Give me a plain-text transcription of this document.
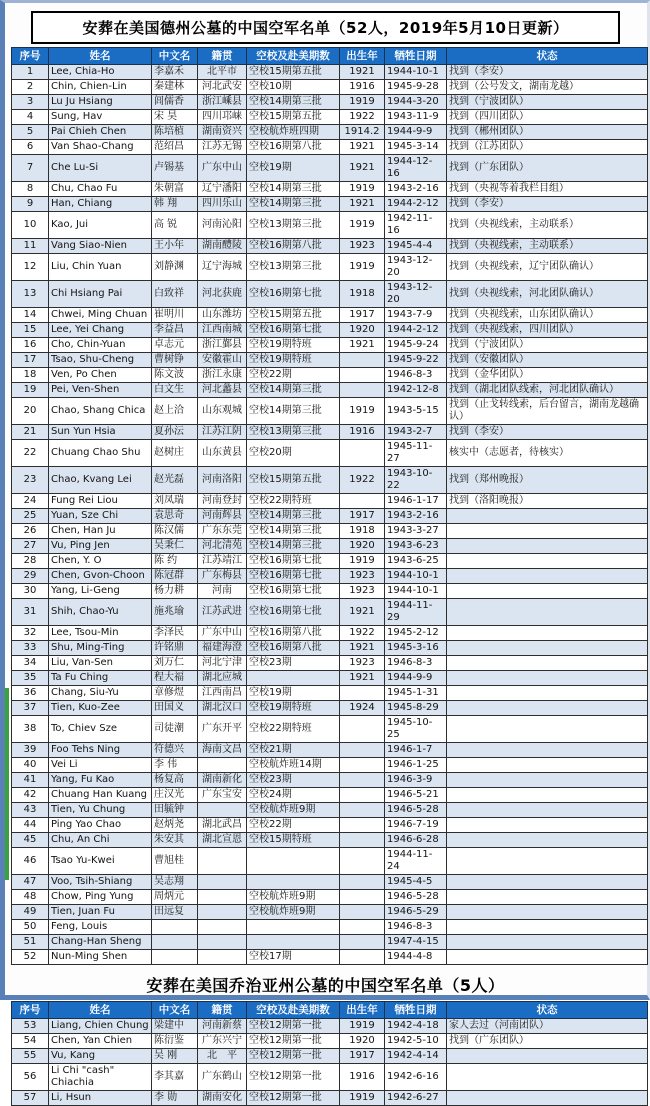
安葬在美国德州公墓的中国空军名单（52人，2019年5月10日更新）
序号	姓名	中文名	籍贯	空校及赴美期数	出生年	牺牲日期	状态
1	Lee, Chia-Ho	李嘉禾	北平市	空校15期第五批	1921	1944-10-1	找到（李安）
2	Chin, Chien-Lin	秦建林	河北武安	空校10期	1916	1945-9-28	找到（公号发文，湖南龙越）
3	Lu Ju Hsiang	闾儒香	浙江嵊县	空校14期第三批	1919	1944-3-20	找到（宁波团队）
4	Sung, Hav	宋 昊	四川邛崃	空校15期第五批	1922	1943-11-9	找到（四川团队）
5	Pai Chieh Chen	陈培植	湖南资兴	空校航炸班四期	1914.2	1944-9-9	找到（郴州团队）
6	Van Shao-Chang	范绍昌	江苏无锡	空校16期第八批	1921	1945-3-14	找到（江苏团队）
7	Che Lu-Si	卢锡基	广东中山	空校19期	1921	1944-12-16	找到（广东团队）
8	Chu, Chao Fu	朱朝富	辽宁潘阳	空校14期第三批	1919	1943-2-16	找到（央视等着我栏目组）
9	Han, Chiang	韩 翔	四川乐山	空校14期第三批	1921	1944-2-12	找到（李安）
10	Kao, Jui	高 锐	河南沁阳	空校13期第三批	1919	1942-11-16	找到（央视线索，主动联系）
11	Vang Siao-Nien	王小年	湖南醴陵	空校16期第八批	1923	1945-4-4	找到（央视线索，主动联系）
12	Liu, Chin Yuan	刘静渊	辽宁海城	空校13期第三批	1919	1943-12-20	找到（央视线索，辽宁团队确认）
13	Chi Hsiang Pai	白致祥	河北获鹿	空校16期第七批	1918	1943-12-20	找到（央视线索，河北团队确认）
14	Chwei, Ming Chuan	崔明川	山东潍坊	空校15期第五批	1917	1943-7-9	找到（央视线索，山东团队确认）
15	Lee, Yei Chang	李益昌	江西南城	空校16期第七批	1920	1944-2-12	找到（央视线索，四川团队）
16	Cho, Chin-Yuan	卓志元	浙江鄞县	空校19期特班	1921	1945-9-24	找到（宁波团队）
17	Tsao, Shu-Cheng	曹树铮	安徽霍山	空校19期特班		1945-9-22	找到（安徽团队）
18	Ven, Po Chen	陈文波	浙江永康	空校22期		1946-8-3	找到（金华团队）
19	Pei, Ven-Shen	白文生	河北蠡县	空校14期第三批		1942-12-8	找到（湖北团队线索，河北团队确认）
20	Chao, Shang Chica	赵上洽	山东观城	空校14期第三批	1919	1943-5-15	找到（止戈转线索，后台留言，湖南龙越确认）
21	Sun Yun Hsia	夏孙沄	江苏江阴	空校13期第三批	1916	1943-2-7	找到（李安）
22	Chuang Chao Shu	赵树庄	山东黄县	空校20期		1945-11-27	核实中（志愿者，待核实）
23	Chao, Kvang Lei	赵光磊	河南洛阳	空校15期第五批	1922	1943-10-22	找到（郑州晚报）
24	Fung Rei Liou	刘凤瑞	河南登封	空校22期特班		1946-1-17	找到（洛阳晚报）
25	Yuan, Sze Chi	袁思奇	河南辉县	空校14期第三批	1917	1943-2-16	
26	Chen, Han Ju	陈汉儒	广东东莞	空校14期第三批	1918	1943-3-27	
27	Vu, Ping Jen	吴秉仁	河北清苑	空校14期第三批	1920	1943-6-23	
28	Chen, Y. O	陈 约	江苏靖江	空校16期第七批	1919	1943-6-25	
29	Chen, Gvon-Choon	陈冠群	广东梅县	空校16期第七批	1923	1944-10-1	
30	Yang, Li-Geng	杨力耕	河南	空校16期第七批	1923	1944-10-1	
31	Shih, Chao-Yu	施兆瑜	江苏武进	空校16期第七批	1921	1944-11-29	
32	Lee, Tsou-Min	李泽民	广东中山	空校16期第八批	1922	1945-2-12	
33	Shu, Ming-Ting	许铭鼎	福建海澄	空校16期第八批	1921	1945-3-16	
34	Liu, Van-Sen	刘万仁	河北宁津	空校23期	1923	1946-8-3	
35	Ta Fu Ching	程大福	湖北应城		1921	1944-9-9	
36	Chang, Siu-Yu	章修煜	江西南昌	空校19期		1945-1-31	
37	Tien, Kuo-Zee	田国义	湖北汉口	空校19期特班	1924	1945-8-29	
38	To, Chiev Sze	司徒潮	广东开平	空校22期特班		1945-10-25	
39	Foo Tehs Ning	符德兴	海南文昌	空校21期		1946-1-7	
40	Vei Li	李 伟		空校航炸班14期		1946-1-25	
41	Yang, Fu Kao	杨复高	湖南新化	空校23期		1946-3-9	
42	Chuang Han Kuang	庄汉光	广东宝安	空校24期		1946-5-21	
43	Tien, Yu Chung	田毓钟		空校航炸班9期		1946-5-28	
44	Ping Yao Chao	赵炳尧	湖北武昌	空校22期		1946-7-19	
45	Chu, An Chi	朱安其	湖北宣恩	空校15期特班		1946-6-28	
46	Tsao Yu-Kwei	曹旭桂				1944-11-24	
47	Voo, Tsih-Shiang	吴志翔				1945-4-5	
48	Chow, Ping Yung	周炳元		空校航炸班9期		1946-5-28	
49	Tien, Juan Fu	田远复		空校航炸班9期		1946-5-29	
50	Feng, Louis					1946-8-3	
51	Chang-Han Sheng					1947-4-15	
52	Nun-Ming Shen			空校17期		1944-4-8	
安葬在美国乔治亚州公墓的中国空军名单（5人）
序号	姓名	中文名	籍贯	空校及赴美期数	出生年	牺牲日期	状态
53	Liang, Chien Chung	梁建中	河南新蔡	空校12期第一批	1919	1942-4-18	家人去过（河南团队）
54	Chen, Yan Chien	陈衍鉴	广东兴宁	空校12期第一批	1920	1942-5-10	找到（广东团队）
55	Vu, Kang	吴 刚	北　平	空校12期第一批	1917	1942-4-14	
56	Li Chi "cash" Chiachia	李其嘉	广东鹤山	空校12期第一批	1916	1942-6-16	
57	Li, Hsun	李 勋	湖南安化	空校12期第一批	1919	1942-6-27	
